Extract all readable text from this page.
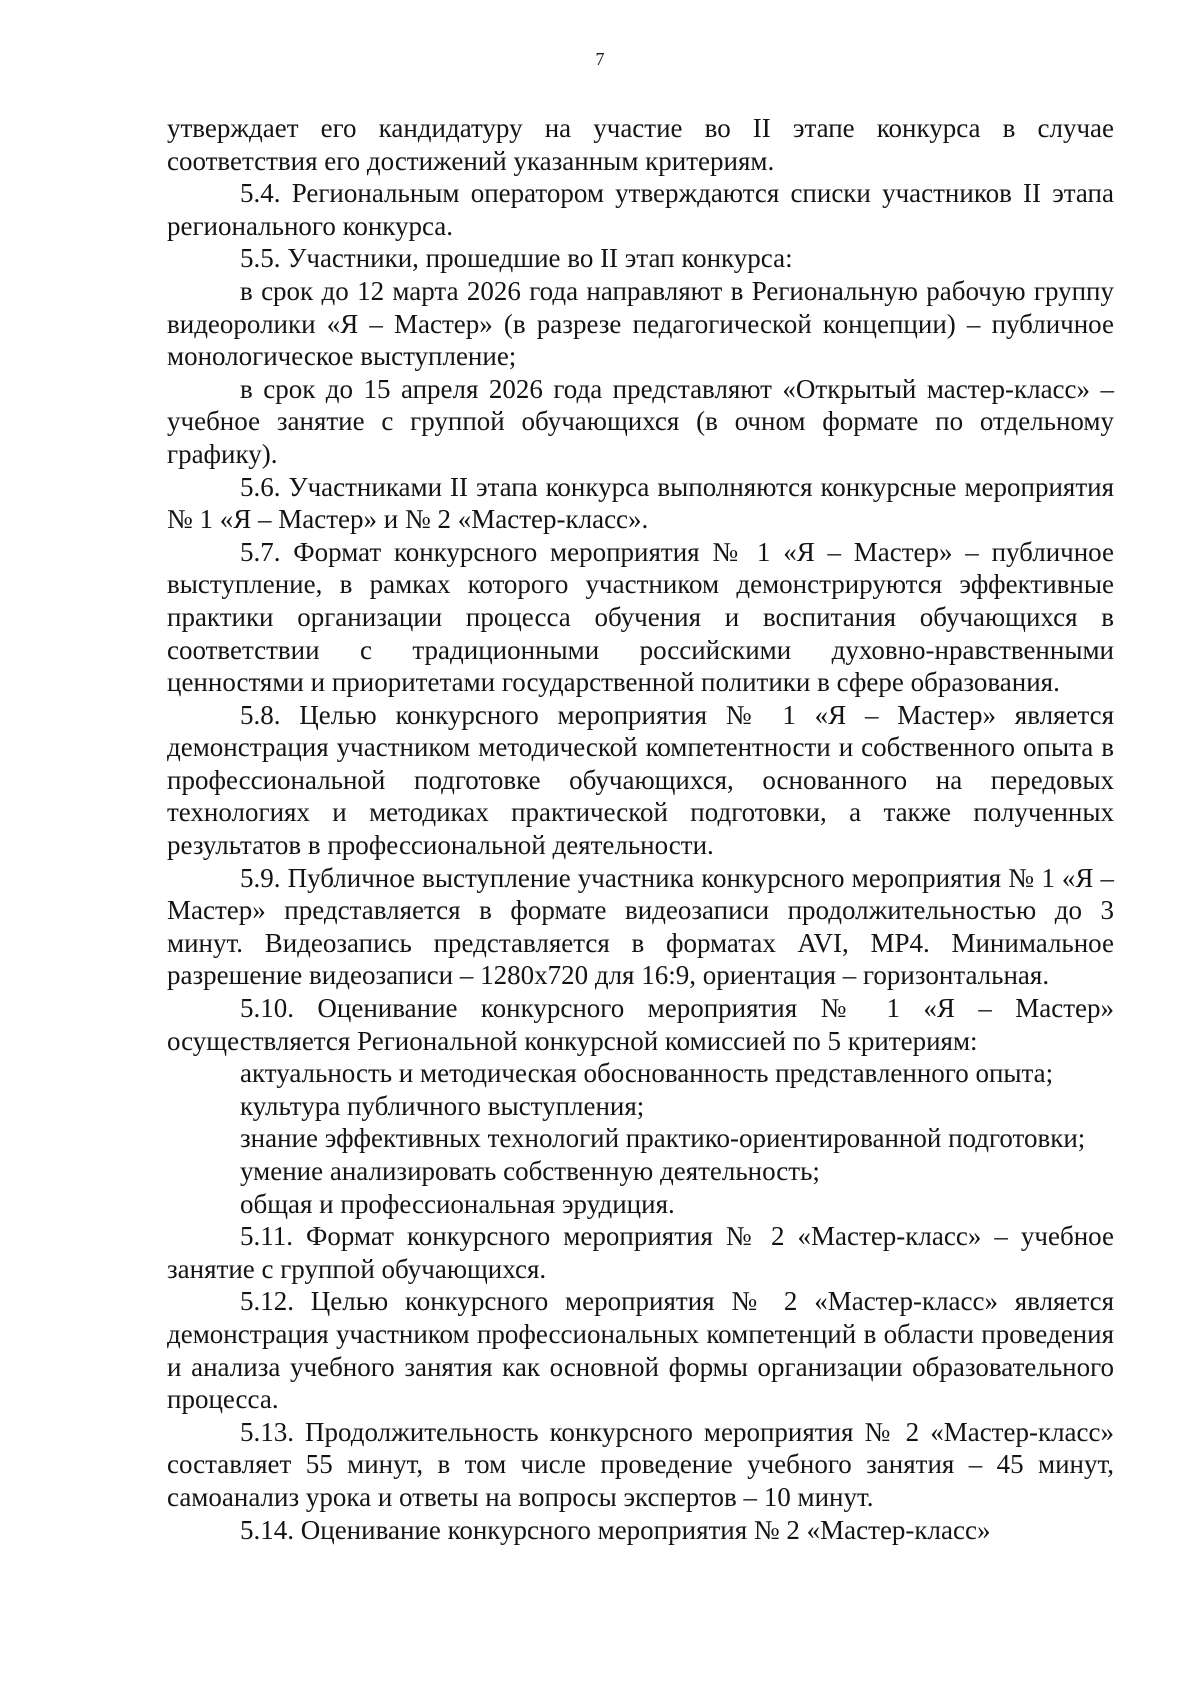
7

утверждает его кандидатуру на участие во II этапе конкурса в случае соответствия его достижений указанным критериям.

5.4. Региональным оператором утверждаются списки участников II этапа регионального конкурса.

5.5. Участники, прошедшие во II этап конкурса:

в срок до 12 марта 2026 года направляют в Региональную рабочую группу видеоролики «Я – Мастер» (в разрезе педагогической концепции) – публичное монологическое выступление;

в срок до 15 апреля 2026 года представляют «Открытый мастер-класс» – учебное занятие с группой обучающихся (в очном формате по отдельному графику).

5.6. Участниками II этапа конкурса выполняются конкурсные мероприятия № 1 «Я – Мастер» и № 2 «Мастер-класс».

5.7. Формат конкурсного мероприятия № 1 «Я – Мастер» – публичное выступление, в рамках которого участником демонстрируются эффективные практики организации процесса обучения и воспитания обучающихся в соответствии с традиционными российскими духовно-нравственными ценностями и приоритетами государственной политики в сфере образования.

5.8. Целью конкурсного мероприятия № 1 «Я – Мастер» является демонстрация участником методической компетентности и собственного опыта в профессиональной подготовке обучающихся, основанного на передовых технологиях и методиках практической подготовки, а также полученных результатов в профессиональной деятельности.

5.9. Публичное выступление участника конкурсного мероприятия № 1 «Я – Мастер» представляется в формате видеозаписи продолжительностью до 3 минут. Видеозапись представляется в форматах AVI, MP4. Минимальное разрешение видеозаписи – 1280х720 для 16:9, ориентация – горизонтальная.

5.10. Оценивание конкурсного мероприятия № 1 «Я – Мастер» осуществляется Региональной конкурсной комиссией по 5 критериям:

актуальность и методическая обоснованность представленного опыта;

культура публичного выступления;

знание эффективных технологий практико-ориентированной подготовки;

умение анализировать собственную деятельность;

общая и профессиональная эрудиция.

5.11. Формат конкурсного мероприятия № 2 «Мастер-класс» – учебное занятие с группой обучающихся.

5.12. Целью конкурсного мероприятия № 2 «Мастер-класс» является демонстрация участником профессиональных компетенций в области проведения и анализа учебного занятия как основной формы организации образовательного процесса.

5.13. Продолжительность конкурсного мероприятия № 2 «Мастер-класс» составляет 55 минут, в том числе проведение учебного занятия – 45 минут, самоанализ урока и ответы на вопросы экспертов – 10 минут.

5.14. Оценивание конкурсного мероприятия № 2 «Мастер-класс»
